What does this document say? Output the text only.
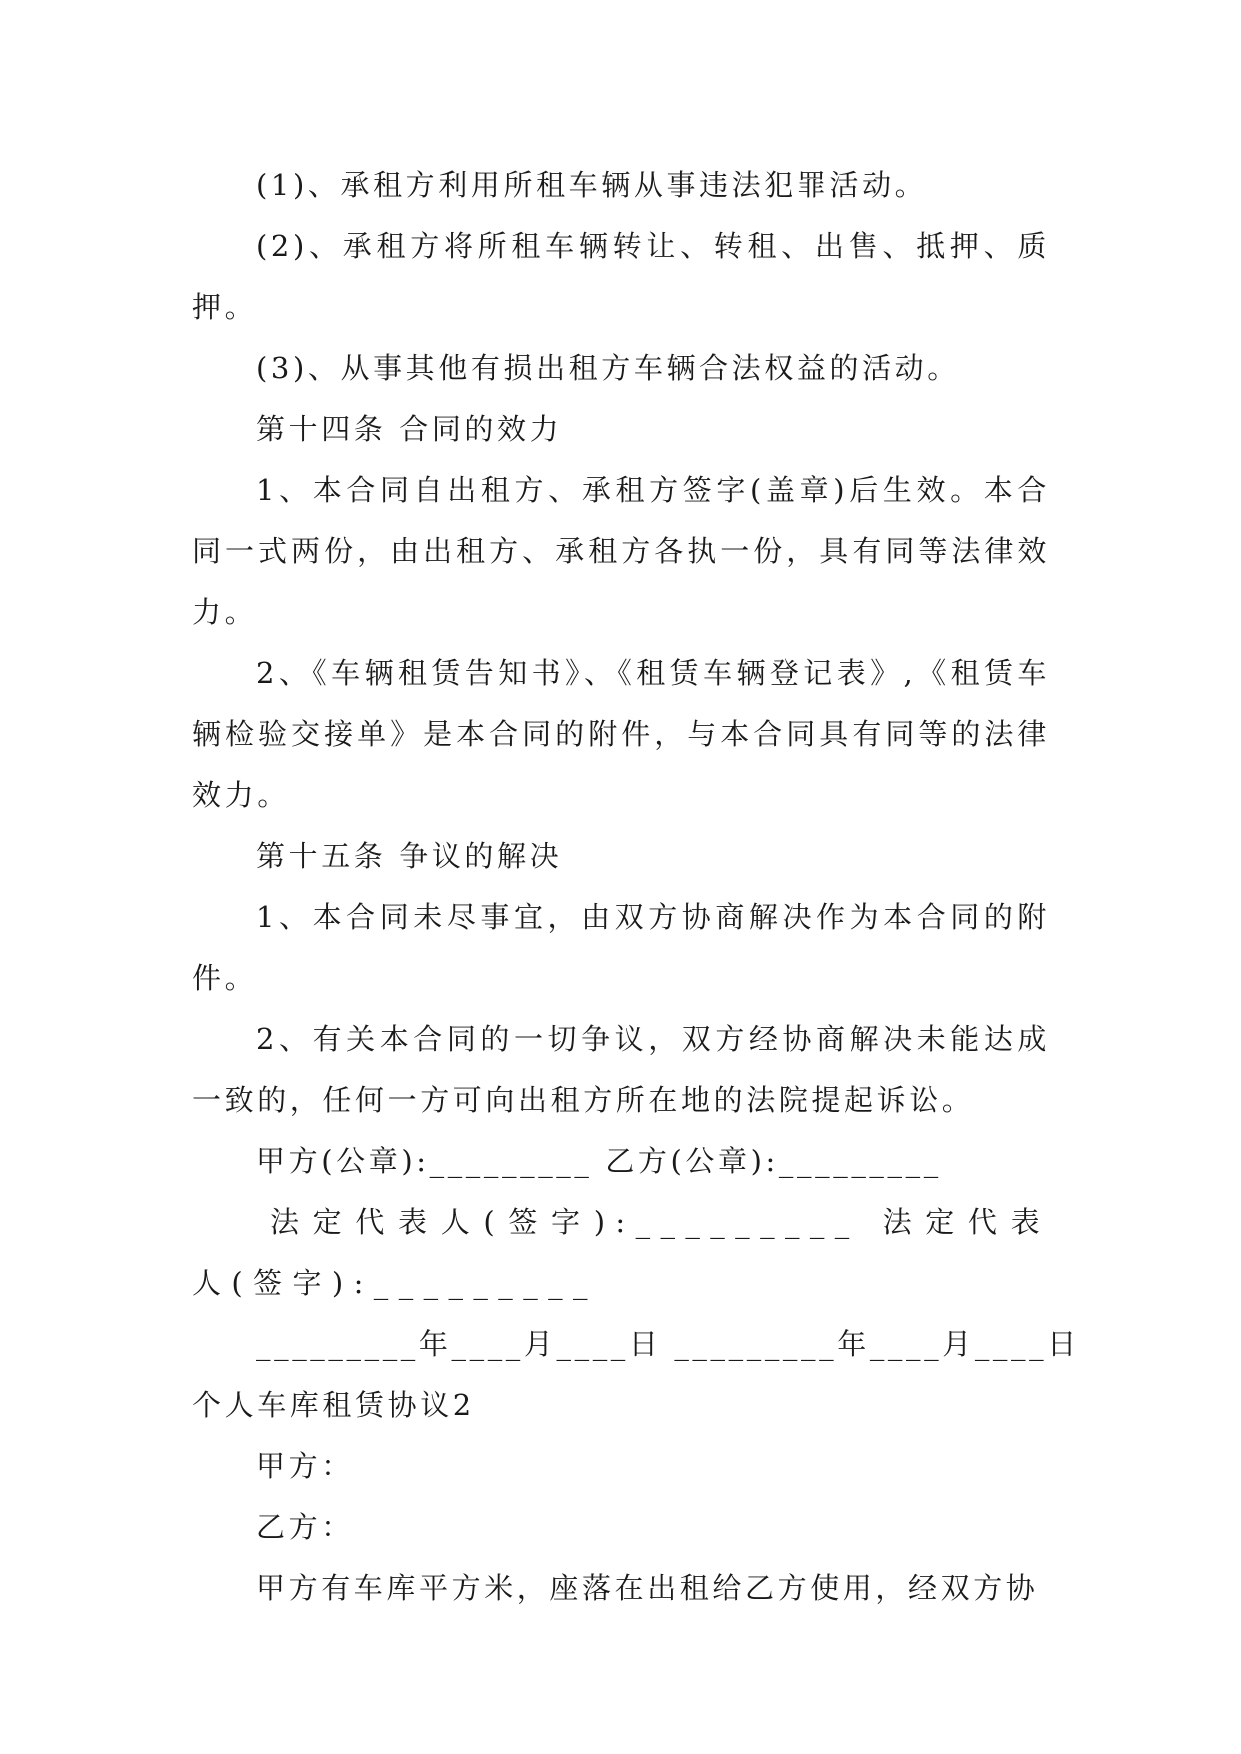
(1)、承租方利用所租车辆从事违法犯罪活动。

(2)、承租方将所租车辆转让、转租、出售、抵押、质押。

(3)、从事其他有损出租方车辆合法权益的活动。

第十四条 合同的效力

1、本合同自出租方、承租方签字(盖章)后生效。本合同一式两份，由出租方、承租方各执一份，具有同等法律效力。

2、《车辆租赁告知书》、《租赁车辆登记表》,《租赁车辆检验交接单》是本合同的附件，与本合同具有同等的法律效力。

第十五条 争议的解决

1、本合同未尽事宜，由双方协商解决作为本合同的附件。

2、有关本合同的一切争议，双方经协商解决未能达成一致的，任何一方可向出租方所在地的法院提起诉讼。

甲方(公章):_________ 乙方(公章):_________

法定代表人(签字):_________ 法定代表人(签字):_________

_________年____月____日 _________年____月____日

个人车库租赁协议2

甲方：

乙方：

甲方有车库平方米，座落在出租给乙方使用，经双方协
